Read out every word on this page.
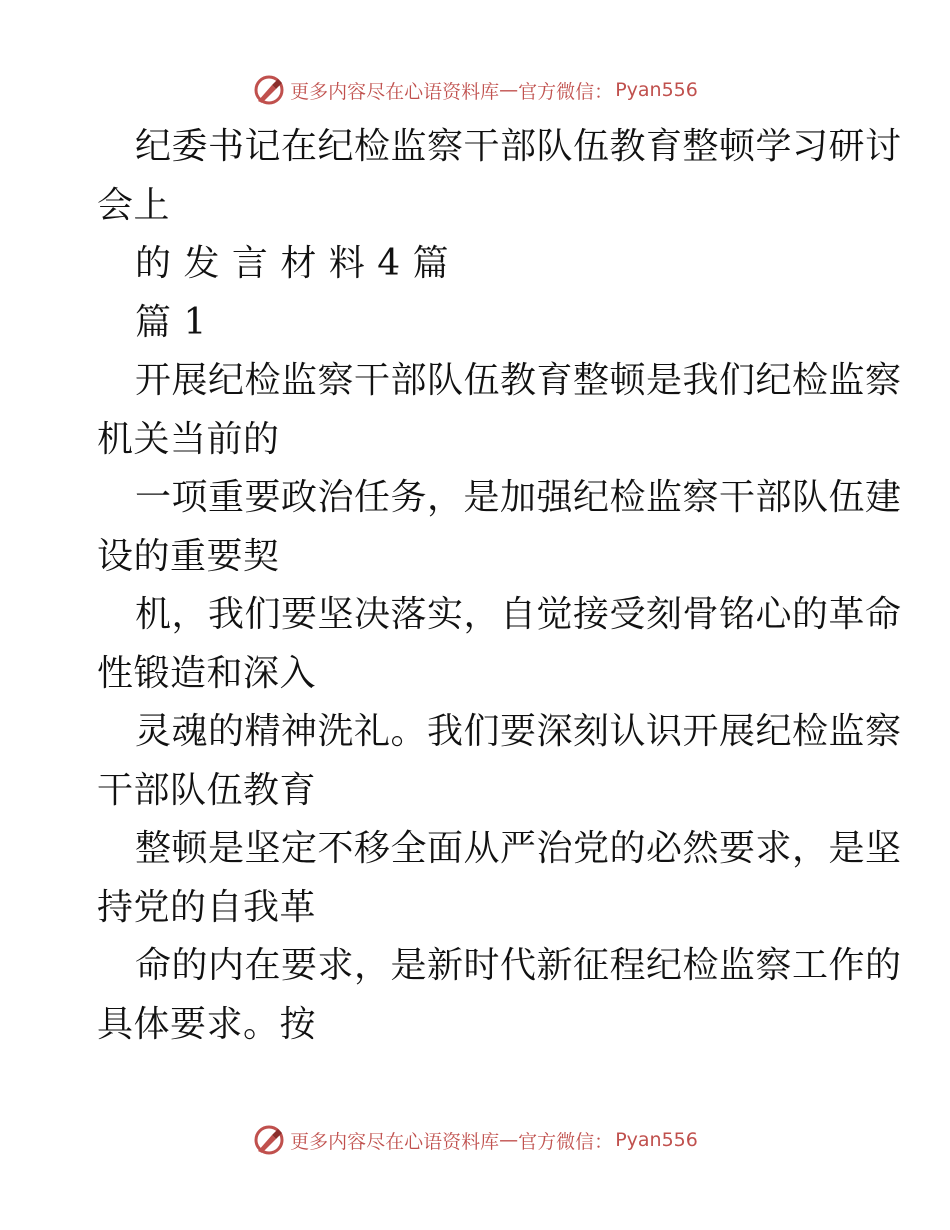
更多内容尽在心语资料库 — 官方微信： Pyan556
纪委书记在纪检监察干部队伍教育整顿学习研讨
会上
的 发 言 材 料 4 篇
篇 1
开展纪检监察干部队伍教育整顿是我们纪检监察
机关当前的
一项重要政治任务，是加强纪检监察干部队伍建
设的重要契
机，我们要坚决落实，自觉接受刻骨铭心的革命
性锻造和深入
灵魂的精神洗礼。我们要深刻认识开展纪检监察
干部队伍教育
整顿是坚定不移全面从严治党的必然要求，是坚
持党的自我革
命的内在要求，是新时代新征程纪检监察工作的
具体要求。按
更多内容尽在心语资料库 — 官方微信： Pyan556
